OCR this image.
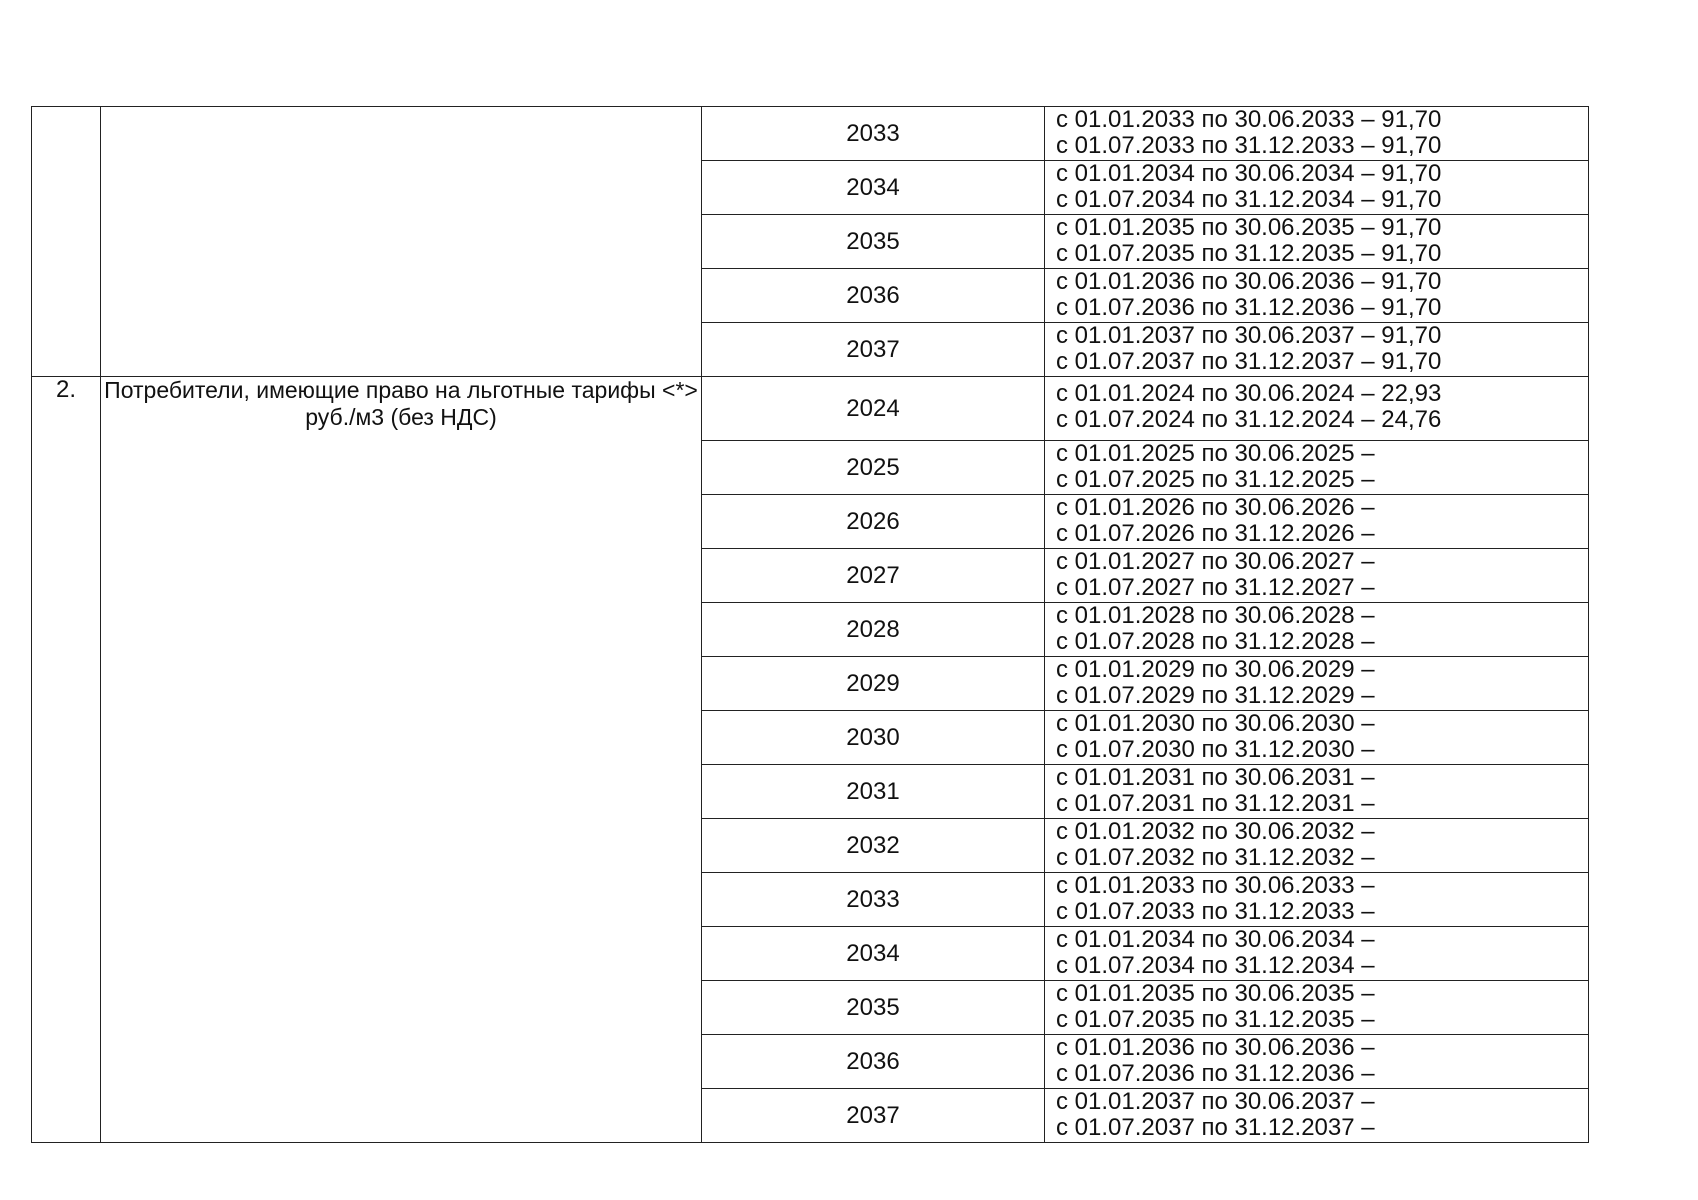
		2033	с 01.01.2033 по 30.06.2033 – 91,70
с 01.07.2033 по 31.12.2033 – 91,70

		2034	с 01.01.2034 по 30.06.2034 – 91,70
с 01.07.2034 по 31.12.2034 – 91,70

		2035	с 01.01.2035 по 30.06.2035 – 91,70
с 01.07.2035 по 31.12.2035 – 91,70

		2036	с 01.01.2036 по 30.06.2036 – 91,70
с 01.07.2036 по 31.12.2036 – 91,70

		2037	с 01.01.2037 по 30.06.2037 – 91,70
с 01.07.2037 по 31.12.2037 – 91,70

2.	Потребители, имеющие право на льготные тарифы <*> руб./м3 (без НДС)	2024	с 01.01.2024 по 30.06.2024 – 22,93
с 01.07.2024 по 31.12.2024 – 24,76

		2025	с 01.01.2025 по 30.06.2025 –
с 01.07.2025 по 31.12.2025 –

		2026	с 01.01.2026 по 30.06.2026 –
с 01.07.2026 по 31.12.2026 –

		2027	с 01.01.2027 по 30.06.2027 –
с 01.07.2027 по 31.12.2027 –

		2028	с 01.01.2028 по 30.06.2028 –
с 01.07.2028 по 31.12.2028 –

		2029	с 01.01.2029 по 30.06.2029 –
с 01.07.2029 по 31.12.2029 –

		2030	с 01.01.2030 по 30.06.2030 –
с 01.07.2030 по 31.12.2030 –

		2031	с 01.01.2031 по 30.06.2031 –
с 01.07.2031 по 31.12.2031 –

		2032	с 01.01.2032 по 30.06.2032 –
с 01.07.2032 по 31.12.2032 –

		2033	с 01.01.2033 по 30.06.2033 –
с 01.07.2033 по 31.12.2033 –

		2034	с 01.01.2034 по 30.06.2034 –
с 01.07.2034 по 31.12.2034 –

		2035	с 01.01.2035 по 30.06.2035 –
с 01.07.2035 по 31.12.2035 –

		2036	с 01.01.2036 по 30.06.2036 –
с 01.07.2036 по 31.12.2036 –

		2037	с 01.01.2037 по 30.06.2037 –
с 01.07.2037 по 31.12.2037 –
